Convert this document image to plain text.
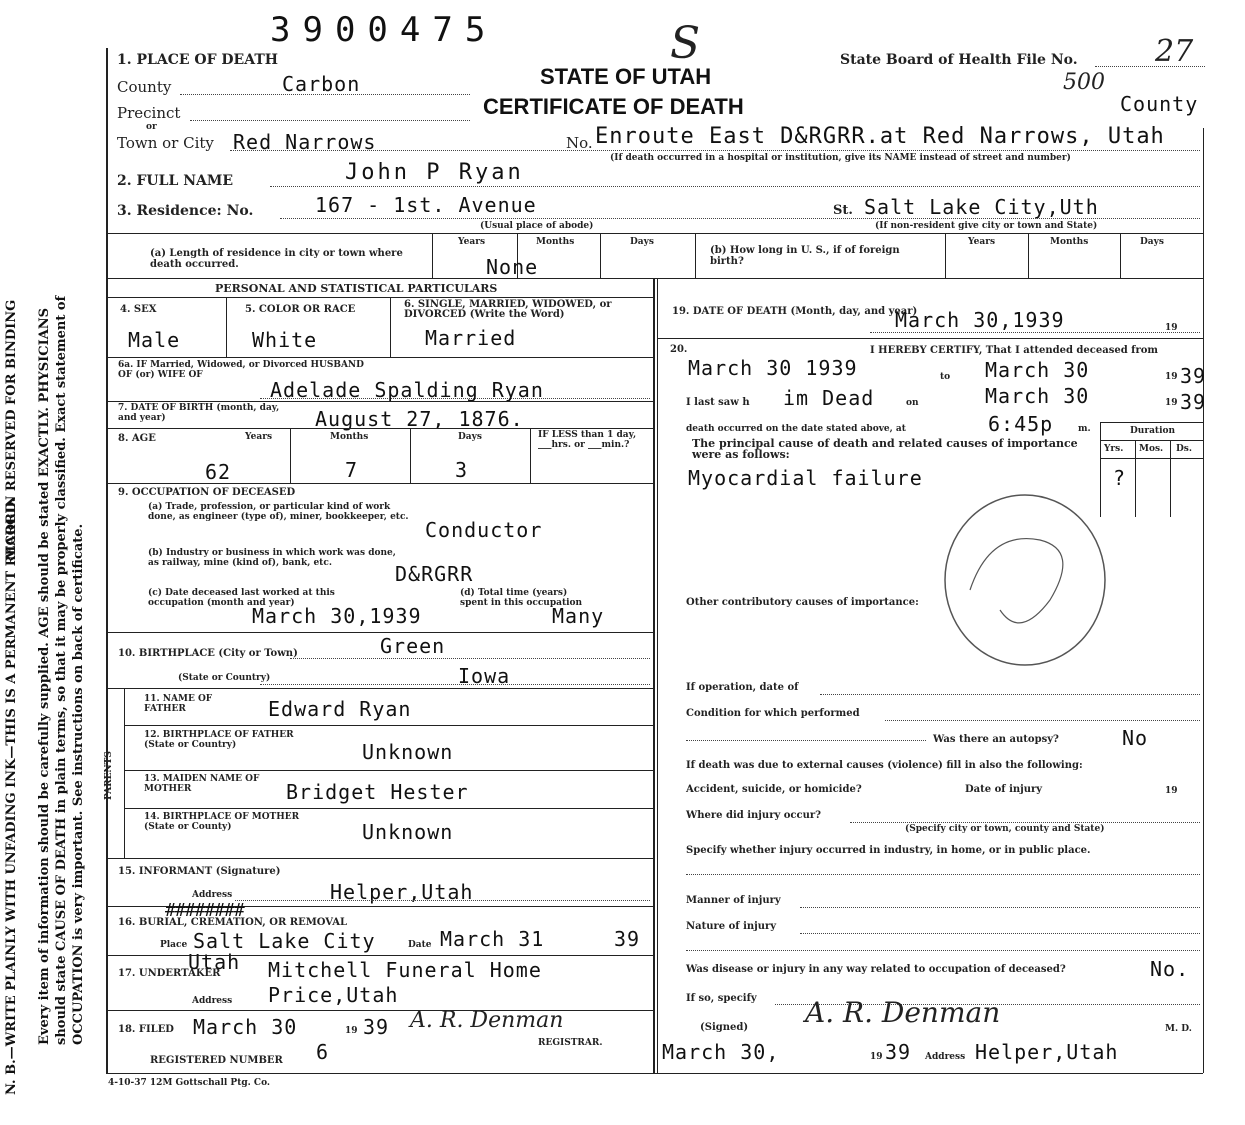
N. B.—WRITE PLAINLY WITH UNFADING INK—THIS IS A PERMANENT RECORD.
MARGIN RESERVED FOR BINDING Every item of information should be carefully supplied. AGE should be stated EXACTLY. PHYSICIANS should state CAUSE OF DEATH in plain terms, so that it may be properly classified. Exact statement of OCCUPATION is very important. See instructions on back of certificate.
3900475	S
STATE OF UTAH
CERTIFICATE OF DEATH
State Board of Health File No.	27
500
County
1. PLACE OF DEATH
County	Carbon
Precinct
or
Town or City Red Narrows	No. Enroute East D&RGRR.at Red Narrows, Utah
(If death occurred in a hospital or institution, give its NAME instead of street and number)
2. FULL NAME	John P Ryan
3. Residence: No.	167 - 1st. Avenue
(Usual place of abode)
St. Salt Lake City,Uth
(If non-resident give city or town and State)
(a) Length of residence in city or town where death occurred.
Years	Months	Days
None
(b) How long in U. S., if of foreign birth?
Years	Months	Days
PERSONAL AND STATISTICAL PARTICULARS
4. SEX
Male
5. COLOR OR RACE
White
6. SINGLE, MARRIED, WIDOWED, or DIVORCED (Write the Word)
Married
6a. IF Married, Widowed, or Divorced HUSBAND OF (or) WIFE OF
Adelade Spalding Ryan
7. DATE OF BIRTH (month, day, and year)	August 27, 1876.
8. AGE	Years	Months	Days
62	7	3
IF LESS than 1 day, ___hrs. or ___min.?
9. OCCUPATION OF DECEASED
(a) Trade, profession, or particular kind of work done, as engineer (type of), miner, bookkeeper, etc.
Conductor
(b) Industry or business in which work was done, as railway, mine (kind of), bank, etc.	D&RGRR
(c) Date deceased last worked at this occupation (month and year)
March 30,1939
(d) Total time (years) spent in this occupation
Many
10. BIRTHPLACE (City or Town)	Green
(State or Country)	Iowa
PARENTS
11. NAME OF FATHER	Edward Ryan
12. BIRTHPLACE OF FATHER (State or Country)	Unknown
13. MAIDEN NAME OF MOTHER	Bridget Hester
14. BIRTHPLACE OF MOTHER (State or County)	Unknown
15. INFORMANT (Signature)
Address	Helper,Utah
16. BURIAL, CREMATION, OR REMOVAL
########
Place Salt Lake City
Utah
Date March 31	39
17. UNDERTAKER Mitchell Funeral Home
Address Price,Utah
18. FILED March 30	19 39 A. R. Denman
REGISTRAR.
REGISTERED NUMBER 6
4-10-37 12M Gottschall Ptg. Co.
19. DATE OF DEATH (Month, day, and year)
March 30,1939	19
20.	I HEREBY CERTIFY, That I attended deceased from
March 30 1939	to March 30	19 39
I last saw h im Dead	on	March 30	19 39
death occurred on the date stated above, at	6:45p	m.
The principal cause of death and related causes of importance were as follows:
Duration
Yrs. Mos. Ds.
Myocardial failure	?
Other contributory causes of importance:
If operation, date of
Condition for which performed
Was there an autopsy?	No
If death was due to external causes (violence) fill in also the following:
Accident, suicide, or homicide?	Date of injury	19
Where did injury occur?
(Specify city or town, county and State)
Specify whether injury occurred in industry, in home, or in public place.
Manner of injury
Nature of injury
Was disease or injury in any way related to occupation of deceased?	No.
If so, specify
(Signed) A. R. Denman	M. D.
March 30,	19 39 Address Helper,Utah
